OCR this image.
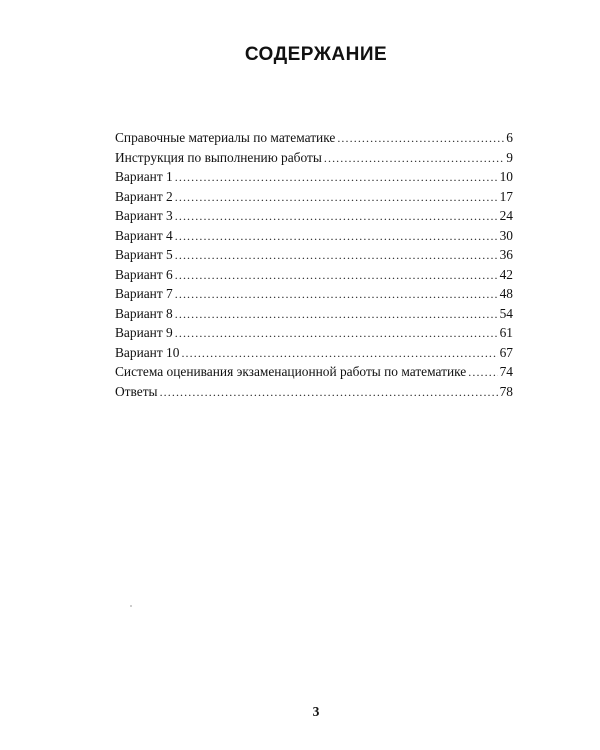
СОДЕРЖАНИЕ
Справочные материалы по математике .....	6
Инструкция по выполнению работы .....	9
Вариант 1 .....	10
Вариант 2 .....	17
Вариант 3 .....	24
Вариант 4 .....	30
Вариант 5 .....	36
Вариант 6 .....	42
Вариант 7 .....	48
Вариант 8 .....	54
Вариант 9 .....	61
Вариант 10 .....	67
Система оценивания экзаменационной работы по математике ..... 74
Ответы .....	78
3
